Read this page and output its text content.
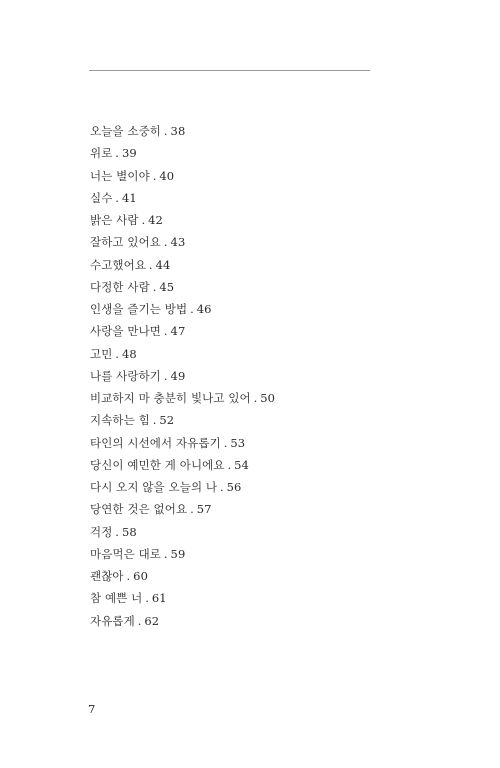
오늘을 소중히 . 38
위로 . 39
너는 별이야 . 40
실수 . 41
밝은 사람 . 42
잘하고 있어요 . 43
수고했어요 . 44
다정한 사람 . 45
인생을 즐기는 방법 . 46
사랑을 만나면 . 47
고민 . 48
나를 사랑하기 . 49
비교하지 마 충분히 빛나고 있어 . 50
지속하는 힘 . 52
타인의 시선에서 자유롭기 . 53
당신이 예민한 게 아니에요 . 54
다시 오지 않을 오늘의 나 . 56
당연한 것은 없어요 . 57
걱정 . 58
마음먹은 대로 . 59
괜찮아 . 60
참 예쁜 너 . 61
자유롭게 . 62
7
